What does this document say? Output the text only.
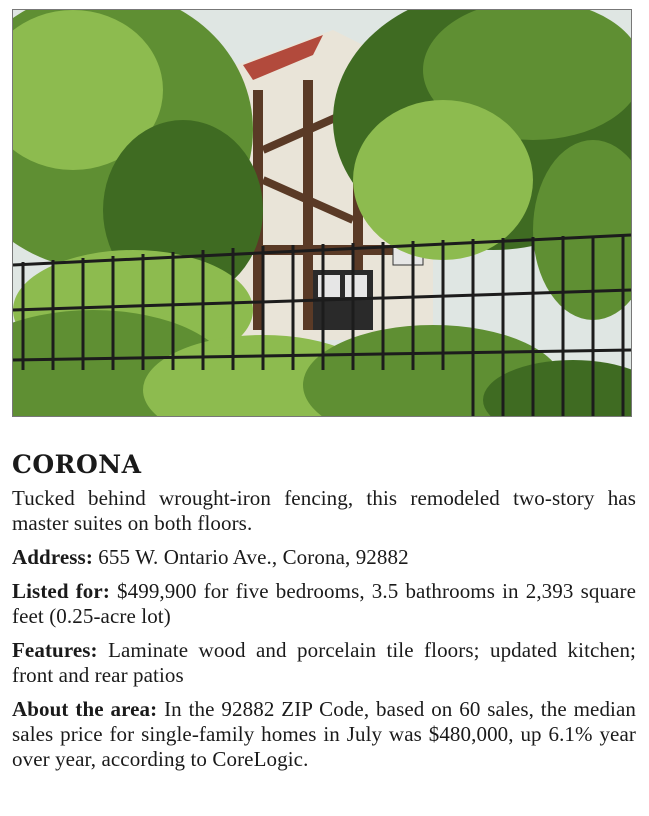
CORONA

Tucked behind wrought-iron fencing, this remodeled two-story has master suites on both floors.

Address: 655 W. Ontario Ave., Corona, 92882

Listed for: $499,900 for five bedrooms, 3.5 bathrooms in 2,393 square feet (0.25-acre lot)

Features: Laminate wood and porcelain tile floors; updated kitchen; front and rear patios

About the area: In the 92882 ZIP Code, based on 60 sales, the median sales price for single-family homes in July was $480,000, up 6.1% year over year, according to CoreLogic.
